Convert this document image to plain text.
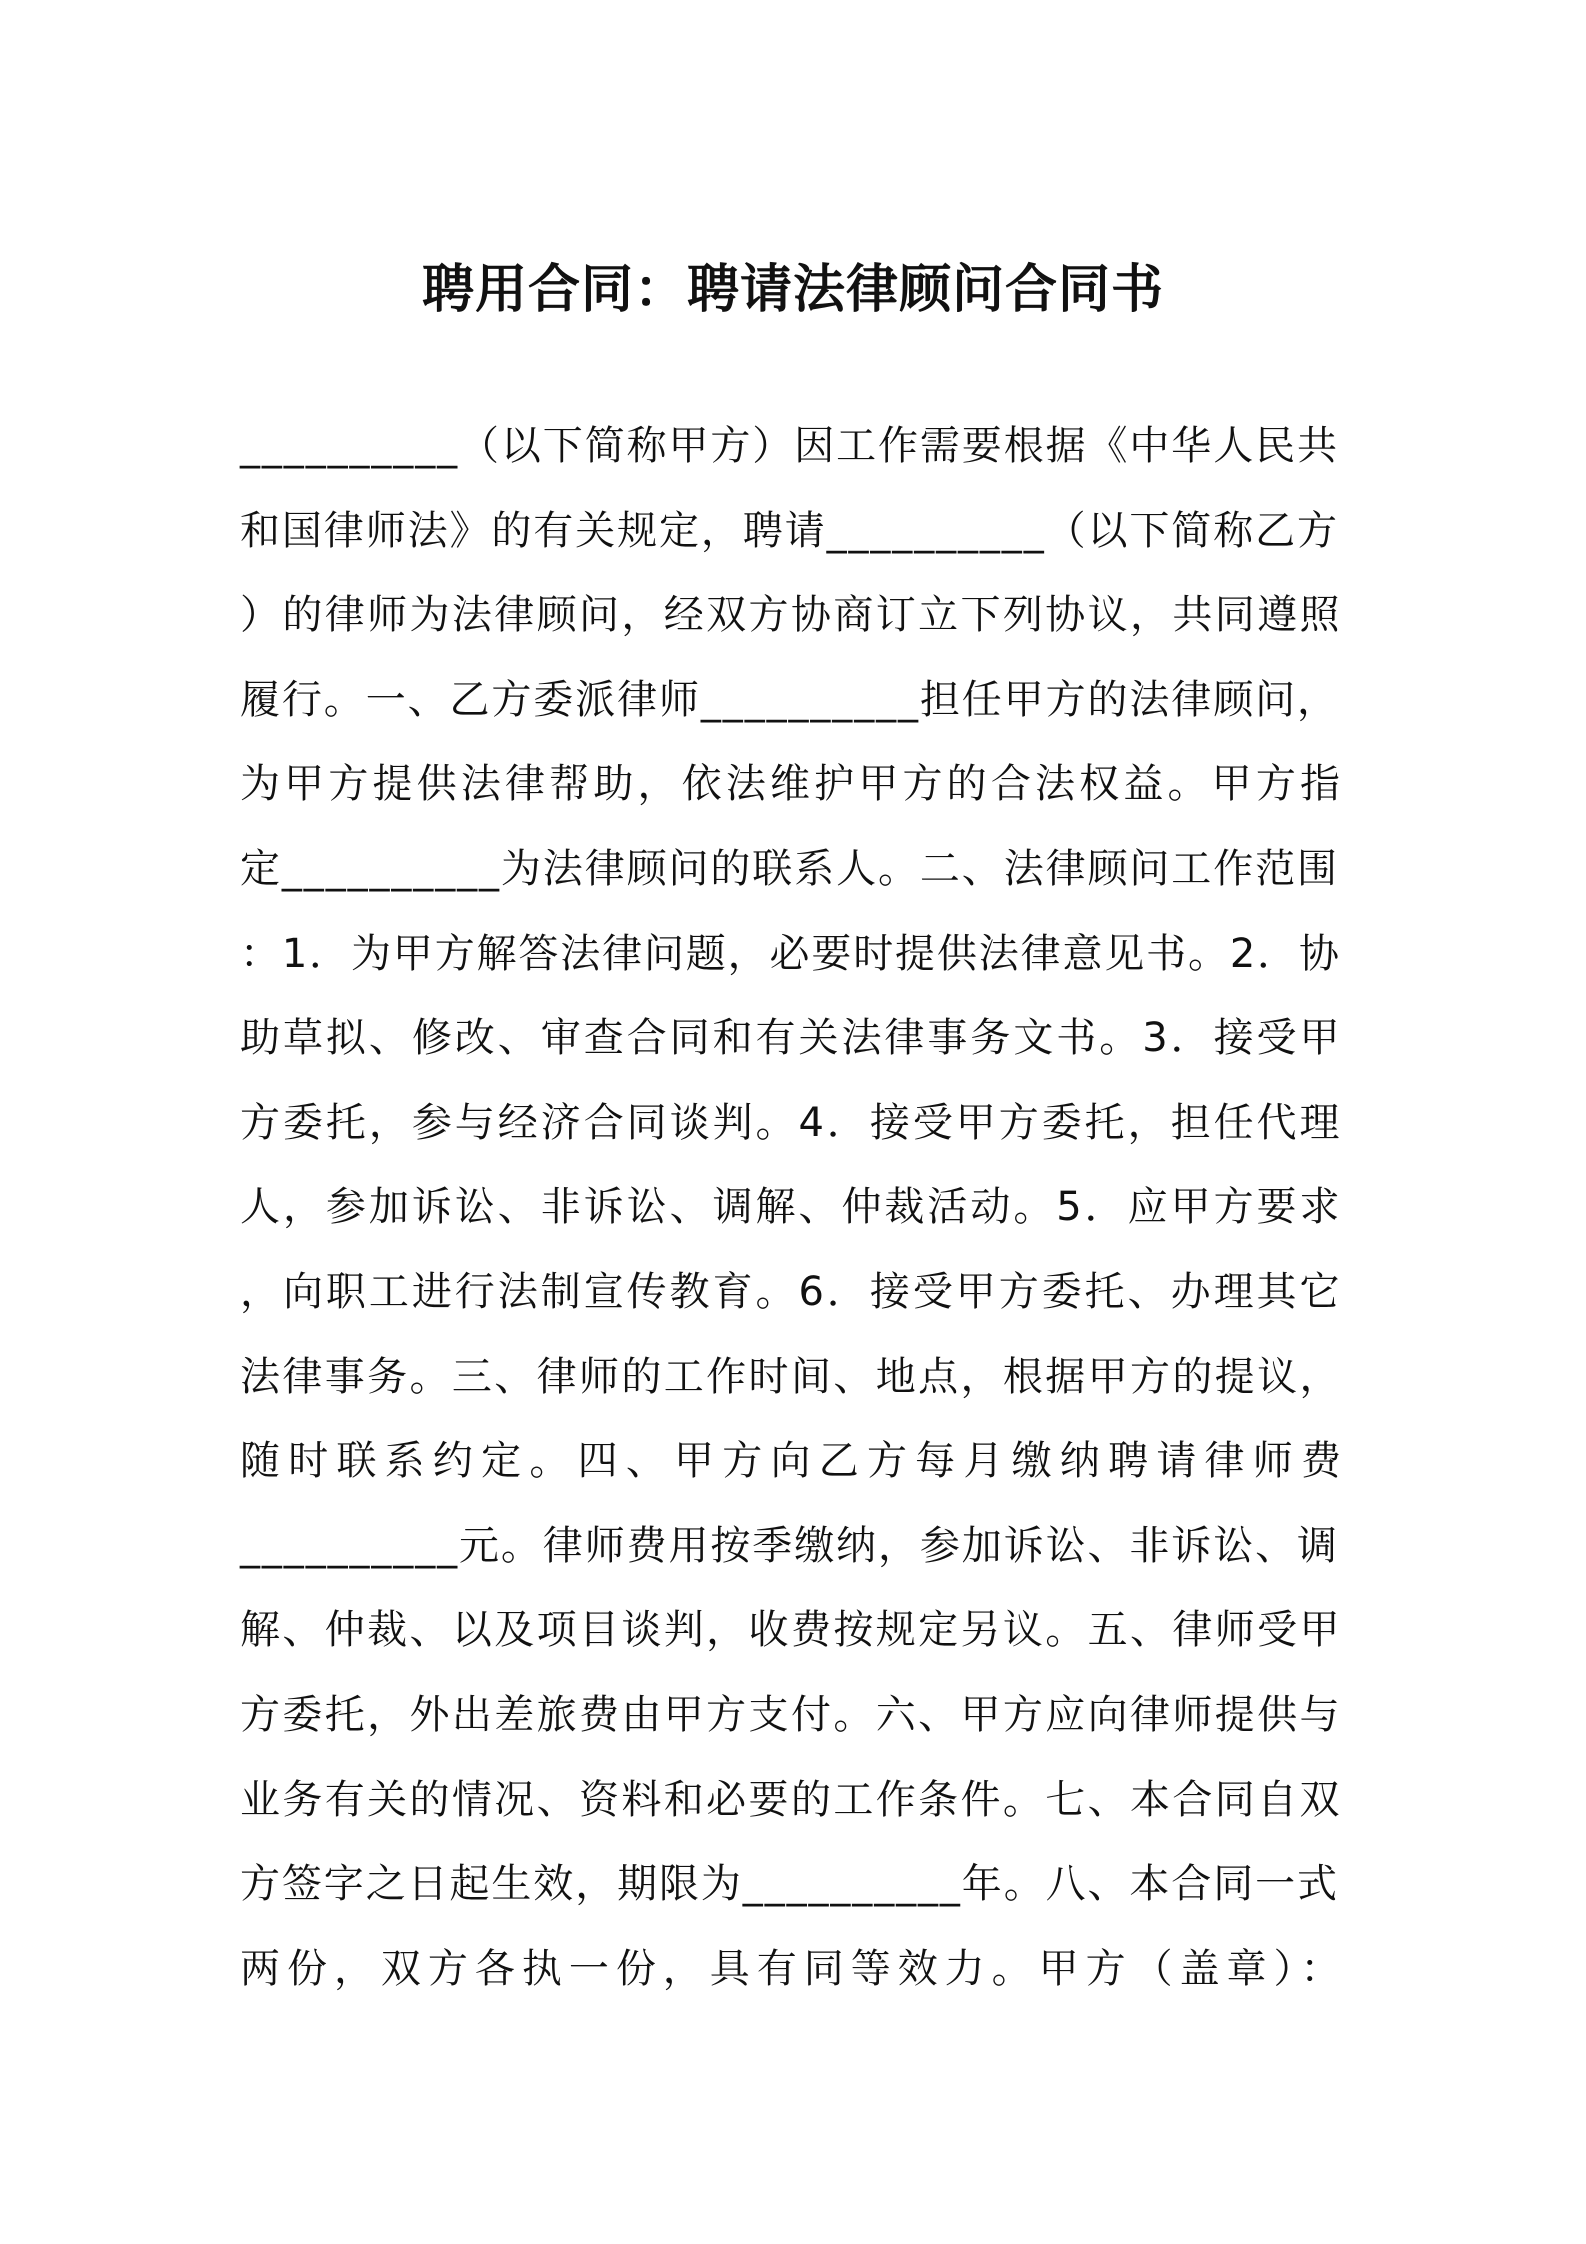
聘用合同：聘请法律顾问合同书
__________（以下简称甲方）因工作需要根据《中华人民共
和国律师法》的有关规定，聘请__________（以下简称乙方
）的律师为法律顾问，经双方协商订立下列协议，共同遵照
履行。一、乙方委派律师__________担任甲方的法律顾问，
为甲方提供法律帮助，依法维护甲方的合法权益。甲方指
定__________为法律顾问的联系人。二、法律顾问工作范围
：1．为甲方解答法律问题，必要时提供法律意见书。2．协
助草拟、修改、审查合同和有关法律事务文书。3．接受甲
方委托，参与经济合同谈判。4．接受甲方委托，担任代理
人，参加诉讼、非诉讼、调解、仲裁活动。5．应甲方要求
，向职工进行法制宣传教育。6．接受甲方委托、办理其它
法律事务。三、律师的工作时间、地点，根据甲方的提议，
随时联系约定。四、甲方向乙方每月缴纳聘请律师费
__________元。律师费用按季缴纳，参加诉讼、非诉讼、调
解、仲裁、以及项目谈判，收费按规定另议。五、律师受甲
方委托，外出差旅费由甲方支付。六、甲方应向律师提供与
业务有关的情况、资料和必要的工作条件。七、本合同自双
方签字之日起生效，期限为__________年。八、本合同一式
两份，双方各执一份，具有同等效力。甲方（盖章）：
